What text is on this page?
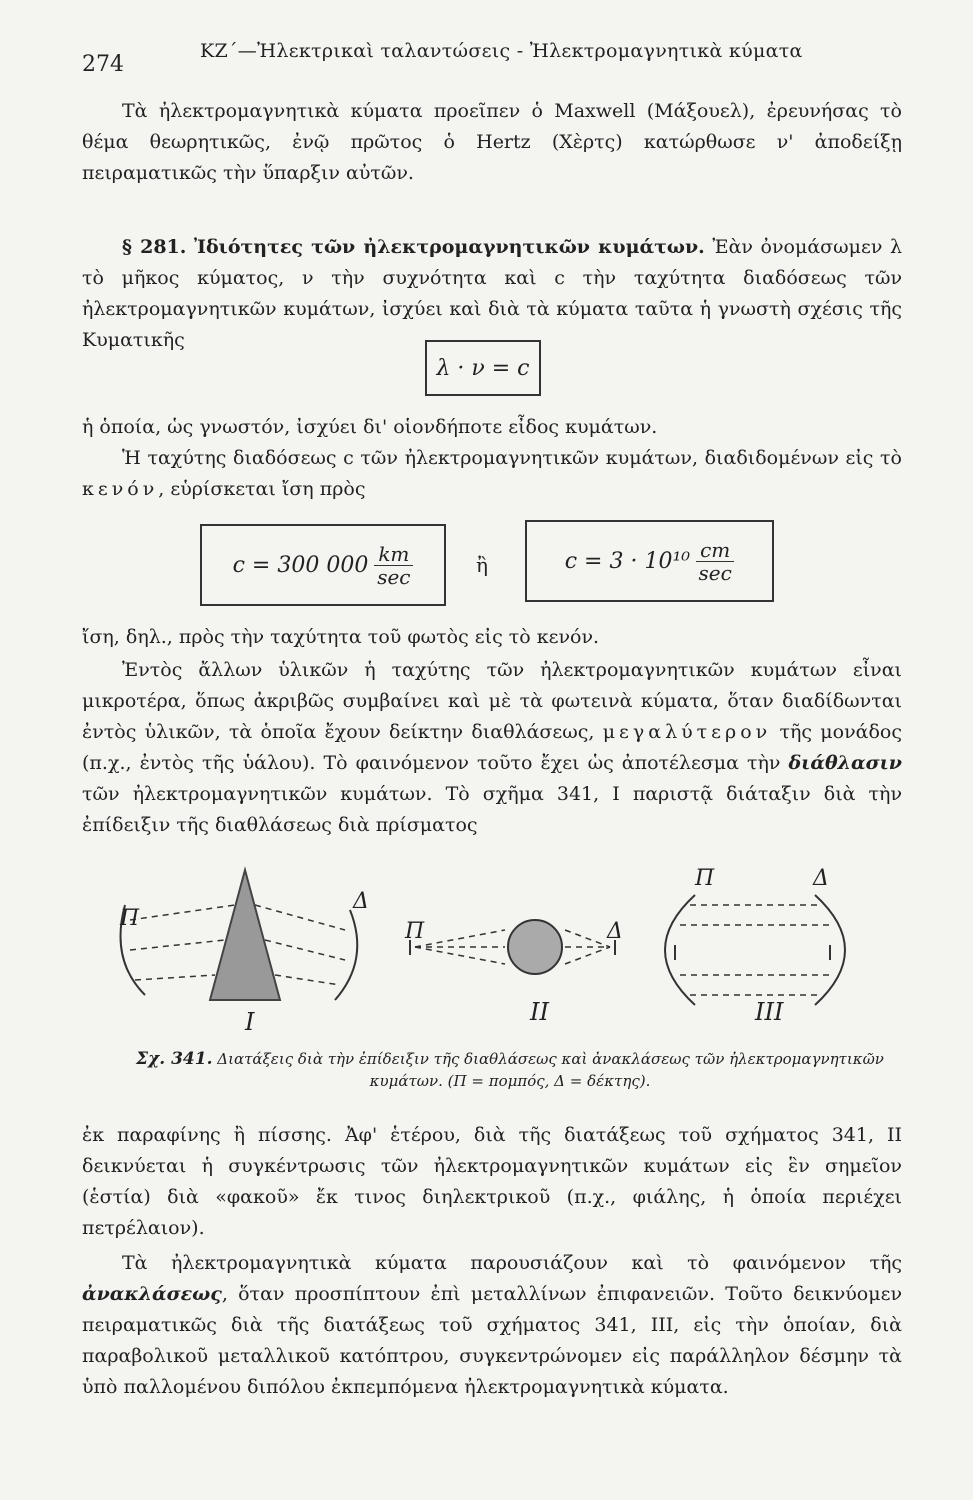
274
ΚΖ΄—Ἠλεκτρικαὶ ταλαντώσεις - Ἠλεκτρομαγνητικὰ κύματα
Τὰ ἠλεκτρομαγνητικὰ κύματα προεῖπεν ὁ Maxwell (Μάξουελ), ἐρευνήσας τὸ θέμα θεωρητικῶς, ἐνῷ πρῶτος ὁ Hertz (Χὲρτς) κατώρθωσε ν' ἀποδείξῃ πειραματικῶς τὴν ὕπαρξιν αὐτῶν.
§ 281. Ἰδιότητες τῶν ἠλεκτρομαγνητικῶν κυμάτων. Ἐὰν ὀνομάσωμεν λ τὸ μῆκος κύματος, ν τὴν συχνότητα καὶ c τὴν ταχύτητα διαδόσεως τῶν ἠλεκτρομαγνητικῶν κυμάτων, ἰσχύει καὶ διὰ τὰ κύματα ταῦτα ἡ γνωστὴ σχέσις τῆς Κυματικῆς
λ · ν = c
ἡ ὁποία, ὡς γνωστόν, ἰσχύει δι' οἱονδήποτε εἶδος κυμάτων.
Ἡ ταχύτης διαδόσεως c τῶν ἠλεκτρομαγνητικῶν κυμάτων, διαδιδομένων εἰς τὸ κενόν, εὑρίσκεται ἴση πρὸς
c = 300 $000 \frac{km}{\sec}$	ἢ	$c = 3 \cdot 10^{10} \frac{cm}{\sec}$
ἴση, δηλ., πρὸς τὴν ταχύτητα τοῦ φωτὸς εἰς τὸ κενόν.
Ἐντὸς ἄλλων ὑλικῶν ἡ ταχύτης τῶν ἠλεκτρομαγνητικῶν κυμάτων εἶναι μικροτέρα, ὅπως ἀκριβῶς συμβαίνει καὶ μὲ τὰ φωτεινὰ κύματα, ὅταν διαδίδωνται ἐντὸς ὑλικῶν, τὰ ὁποῖα ἔχουν δείκτην διαθλάσεως, μεγαλύτερον τῆς μονάδος (π.χ., ἐντὸς τῆς ὑάλου). Τὸ φαινόμενον τοῦτο ἔχει ὡς ἀποτέλεσμα τὴν διάθλασιν τῶν ἠλεκτρομαγνητικῶν κυμάτων. Τὸ σχῆμα 341, I παριστᾷ διάταξιν διὰ τὴν ἐπίδειξιν τῆς διαθλάσεως διὰ πρίσματος
Π
Δ
I
Π	Δ
II
Π	Δ
III
Σχ. 341. Διατάξεις διὰ τὴν ἐπίδειξιν τῆς διαθλάσεως καὶ ἀνακλάσεως τῶν ἠλεκτρομαγνητικῶν κυμάτων. (Π = πομπός, Δ = δέκτης).
ἐκ παραφίνης ἢ πίσσης. Ἀφ' ἑτέρου, διὰ τῆς διατάξεως τοῦ σχήματος 341, II δεικνύεται ἡ συγκέντρωσις τῶν ἠλεκτρομαγνητικῶν κυμάτων εἰς ἓν σημεῖον (ἑστία) διὰ «φακοῦ» ἔκ τινος διηλεκτρικοῦ (π.χ., φιάλης, ἡ ὁποία περιέχει πετρέλαιον).
Τὰ ἠλεκτρομαγνητικὰ κύματα παρουσιάζουν καὶ τὸ φαινόμενον τῆς ἀνακλάσεως, ὅταν προσπίπτουν ἐπὶ μεταλλίνων ἐπιφανειῶν. Τοῦτο δεικνύομεν πειραματικῶς διὰ τῆς διατάξεως τοῦ σχήματος 341, III, εἰς τὴν ὁποίαν, διὰ παραβολικοῦ μεταλλικοῦ κατόπτρου, συγκεντρώνομεν εἰς παράλληλον δέσμην τὰ ὑπὸ παλλομένου διπόλου ἐκπεμπόμενα ἠλεκτρομαγνητικὰ κύματα.
